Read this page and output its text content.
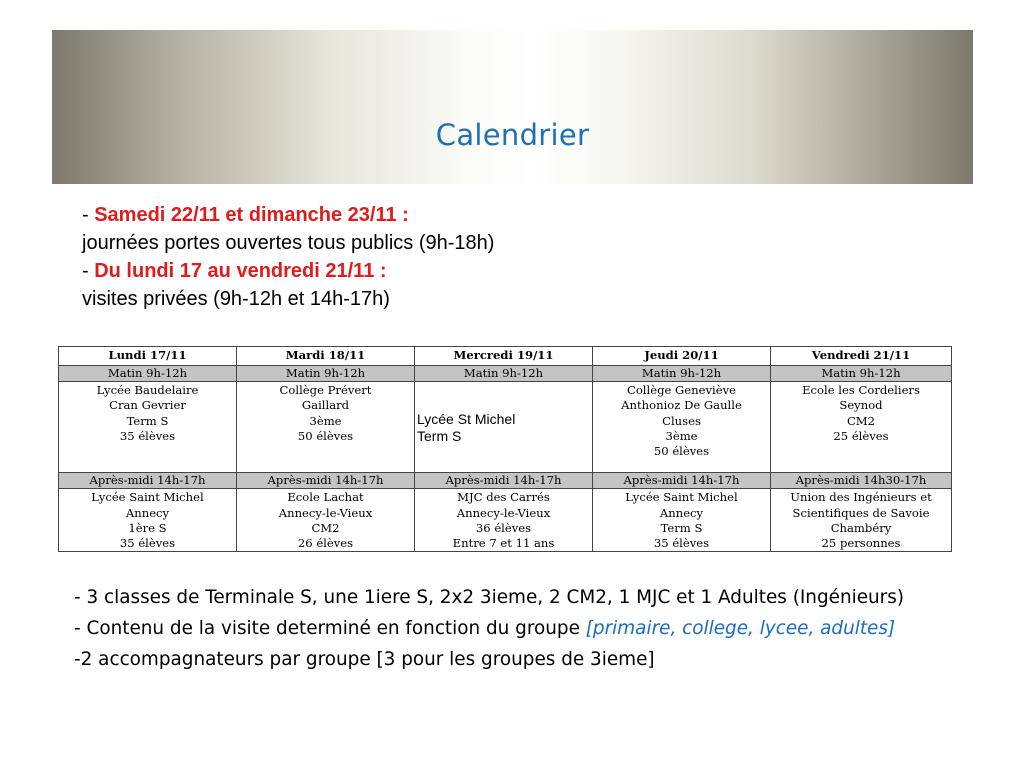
Calendrier
- Samedi 22/11 et dimanche 23/11 :
journées portes ouvertes tous publics (9h-18h)
- Du lundi 17 au vendredi 21/11 :
visites privées (9h-12h et 14h-17h)
Lundi 17/11	Mardi 18/11	Mercredi 19/11	Jeudi 20/11	Vendredi 21/11
Matin 9h-12h	Matin 9h-12h	Matin 9h-12h	Matin 9h-12h	Matin 9h-12h

Lycée Baudelaire
Cran Gevrier
Term S
35 élèves	Collège Prévert
Gaillard
3ème
50 élèves	Lycée St Michel
Term S	Collège Geneviève
Anthonioz De Gaulle
Cluses
3ème
50 élèves	Ecole les Cordeliers
Seynod
CM2
25 élèves

Après-midi 14h-17h	Après-midi 14h-17h	Après-midi 14h-17h	Après-midi 14h-17h	Après-midi 14h30-17h

Lycée Saint Michel
Annecy
1ère S
35 élèves	Ecole Lachat
Annecy-le-Vieux
CM2
26 élèves	MJC des Carrés
Annecy-le-Vieux
36 élèves
Entre 7 et 11 ans	Lycée Saint Michel
Annecy
Term S
35 élèves	Union des Ingénieurs et
Scientifiques de Savoie
Chambéry
25 personnes
- 3 classes de Terminale S, une 1iere S, 2x2 3ieme, 2 CM2, 1 MJC et 1 Adultes (Ingénieurs)
- Contenu de la visite determiné en fonction du groupe [primaire, college, lycee, adultes]
-2 accompagnateurs par groupe [3 pour les groupes de 3ieme]
